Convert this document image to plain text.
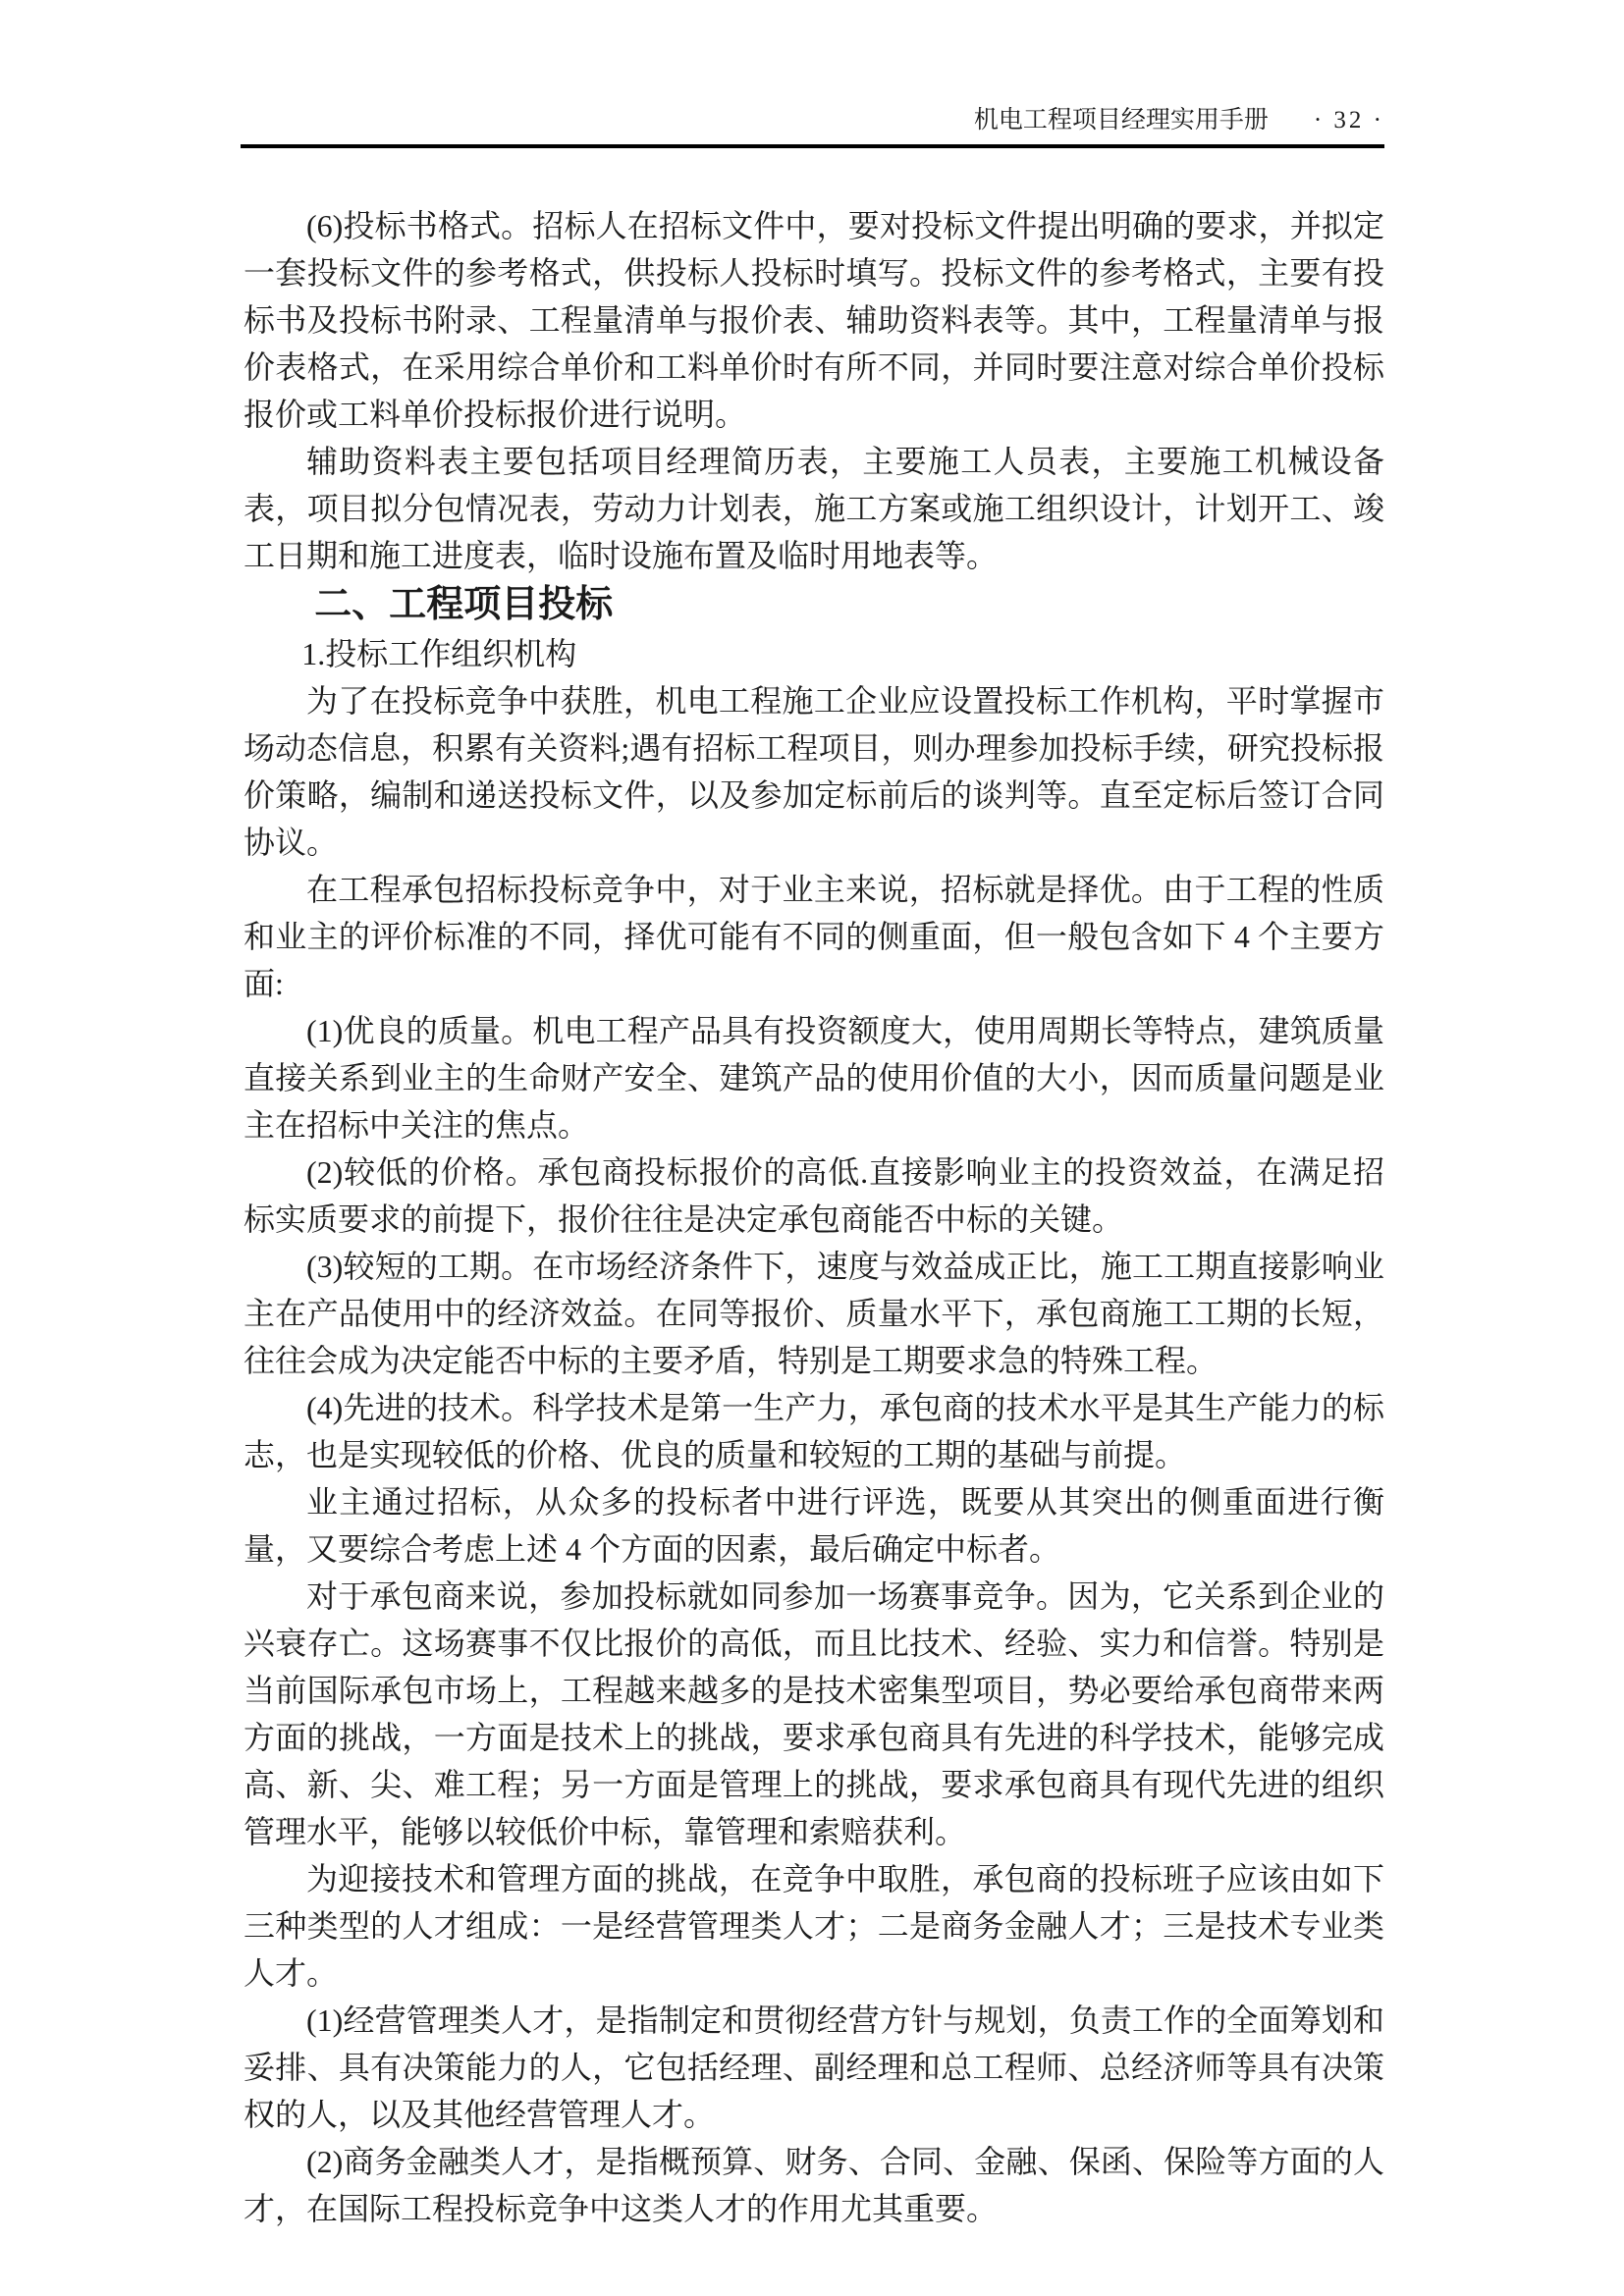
机电工程项目经理实用手册 · 32 ·

(6)投标书格式。招标人在招标文件中，要对投标文件提出明确的要求，并拟定一套投标文件的参考格式，供投标人投标时填写。投标文件的参考格式，主要有投标书及投标书附录、工程量清单与报价表、辅助资料表等。其中，工程量清单与报价表格式，在采用综合单价和工料单价时有所不同，并同时要注意对综合单价投标报价或工料单价投标报价进行说明。

辅助资料表主要包括项目经理简历表，主要施工人员表，主要施工机械设备表，项目拟分包情况表，劳动力计划表，施工方案或施工组织设计，计划开工、竣工日期和施工进度表，临时设施布置及临时用地表等。

二、工程项目投标
1.投标工作组织机构

为了在投标竞争中获胜，机电工程施工企业应设置投标工作机构，平时掌握市场动态信息，积累有关资料;遇有招标工程项目，则办理参加投标手续，研究投标报价策略，编制和递送投标文件，以及参加定标前后的谈判等。直至定标后签订合同协议。

在工程承包招标投标竞争中，对于业主来说，招标就是择优。由于工程的性质和业主的评价标准的不同，择优可能有不同的侧重面，但一般包含如下 4 个主要方面:

(1)优良的质量。机电工程产品具有投资额度大，使用周期长等特点，建筑质量直接关系到业主的生命财产安全、建筑产品的使用价值的大小，因而质量问题是业主在招标中关注的焦点。

(2)较低的价格。承包商投标报价的高低.直接影响业主的投资效益，在满足招标实质要求的前提下，报价往往是决定承包商能否中标的关键。

(3)较短的工期。在市场经济条件下，速度与效益成正比，施工工期直接影响业主在产品使用中的经济效益。在同等报价、质量水平下，承包商施工工期的长短，往往会成为决定能否中标的主要矛盾，特别是工期要求急的特殊工程。

(4)先进的技术。科学技术是第一生产力，承包商的技术水平是其生产能力的标志，也是实现较低的价格、优良的质量和较短的工期的基础与前提。

业主通过招标，从众多的投标者中进行评选，既要从其突出的侧重面进行衡量，又要综合考虑上述 4 个方面的因素，最后确定中标者。

对于承包商来说，参加投标就如同参加一场赛事竞争。因为，它关系到企业的兴衰存亡。这场赛事不仅比报价的高低，而且比技术、经验、实力和信誉。特别是当前国际承包市场上，工程越来越多的是技术密集型项目，势必要给承包商带来两方面的挑战，一方面是技术上的挑战，要求承包商具有先进的科学技术，能够完成高、新、尖、难工程；另一方面是管理上的挑战，要求承包商具有现代先进的组织管理水平，能够以较低价中标，靠管理和索赔获利。

为迎接技术和管理方面的挑战，在竞争中取胜，承包商的投标班子应该由如下三种类型的人才组成：一是经营管理类人才；二是商务金融人才；三是技术专业类人才。

(1)经营管理类人才，是指制定和贯彻经营方针与规划，负责工作的全面筹划和妥排、具有决策能力的人，它包括经理、副经理和总工程师、总经济师等具有决策权的人，以及其他经营管理人才。

(2)商务金融类人才，是指概预算、财务、合同、金融、保函、保险等方面的人才，在国际工程投标竞争中这类人才的作用尤其重要。
